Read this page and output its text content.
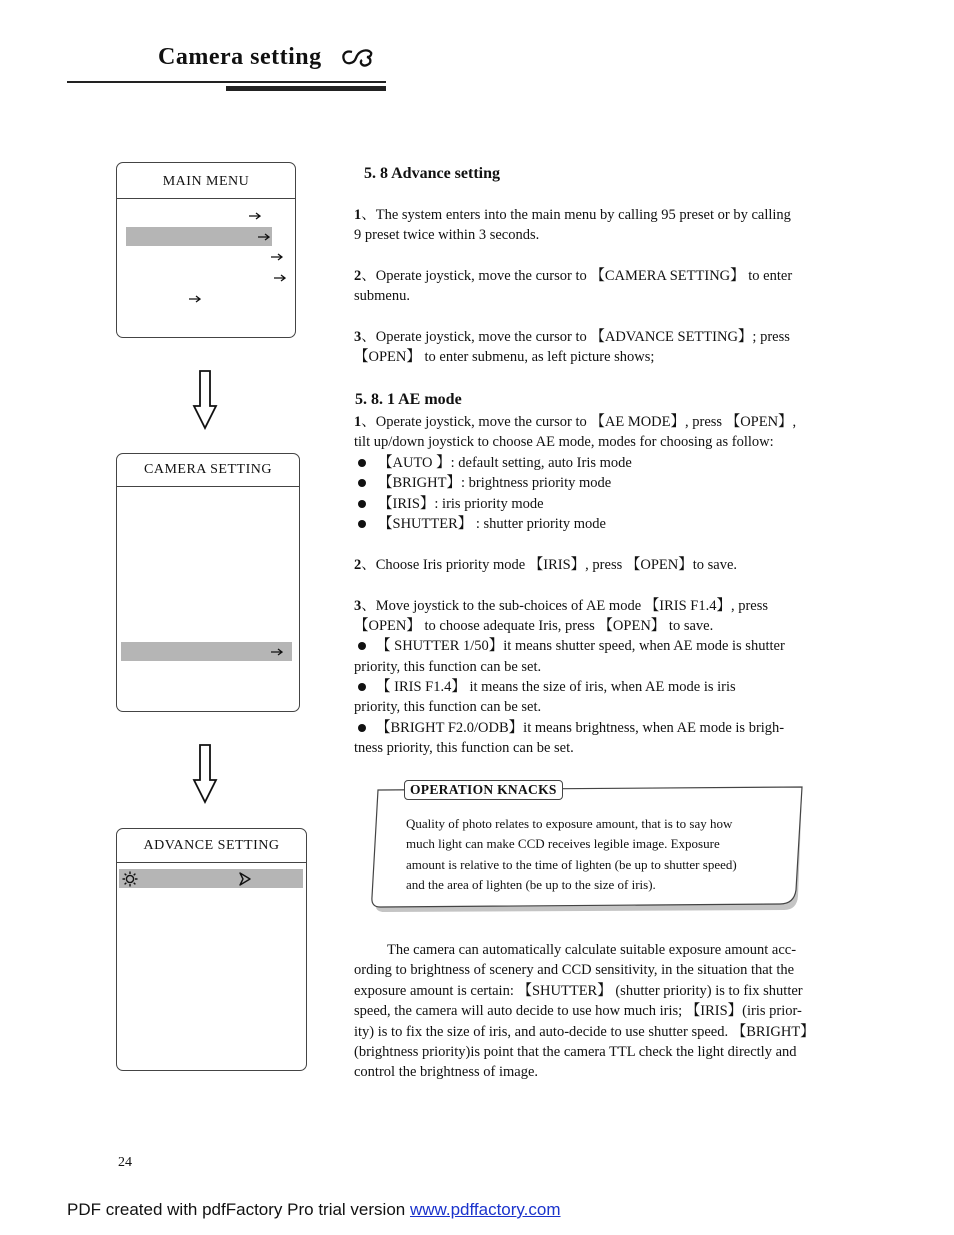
Camera setting
MAIN MENU
CAMERA SETTING
ADVANCE SETTING
5. 8 Advance setting
1、The system enters into the main menu by calling 95 preset or by calling
9 preset twice within 3 seconds.
2、Operate joystick, move the cursor to 【CAMERA SETTING】 to enter
submenu.
3、Operate joystick, move the cursor to 【ADVANCE SETTING】; press
【OPEN】 to enter submenu, as left picture shows;
5. 8. 1 AE mode
1、Operate joystick, move the cursor to 【AE MODE】, press 【OPEN】,
tilt up/down joystick to choose AE mode, modes for choosing as follow:
【AUTO 】: default setting, auto Iris mode
【BRIGHT】: brightness priority mode
【IRIS】: iris priority mode
【SHUTTER】 : shutter priority mode
2、Choose Iris priority mode 【IRIS】, press 【OPEN】to save.
3、Move joystick to the sub-choices of AE mode 【IRIS F1.4】, press
【OPEN】 to choose adequate Iris, press 【OPEN】 to save.
【 SHUTTER 1/50】it means shutter speed, when AE mode is shutter
priority, this function can be set.
【 IRIS F1.4】 it means the size of iris, when AE mode is iris
priority, this function can be set.
【BRIGHT F2.0/ODB】it means brightness, when AE mode is brigh-
tness priority, this function can be set.
OPERATION KNACKS
Quality of photo relates to exposure amount, that is to say how
much light can make CCD receives legible image. Exposure
amount is relative to the time of lighten (be up to shutter speed)
and the area of lighten (be up to the size of iris).
The camera can automatically calculate suitable exposure amount acc-
ording to brightness of scenery and CCD sensitivity, in the situation that the
exposure amount is certain: 【SHUTTER】 (shutter priority) is to fix shutter
speed, the camera will auto decide to use how much iris; 【IRIS】(iris prior-
ity) is to fix the size of iris, and auto-decide to use shutter speed. 【BRIGHT】
(brightness priority)is point that the camera TTL check the light directly and
control the brightness of image.
24
PDF created with pdfFactory Pro trial version www.pdffactory.com
